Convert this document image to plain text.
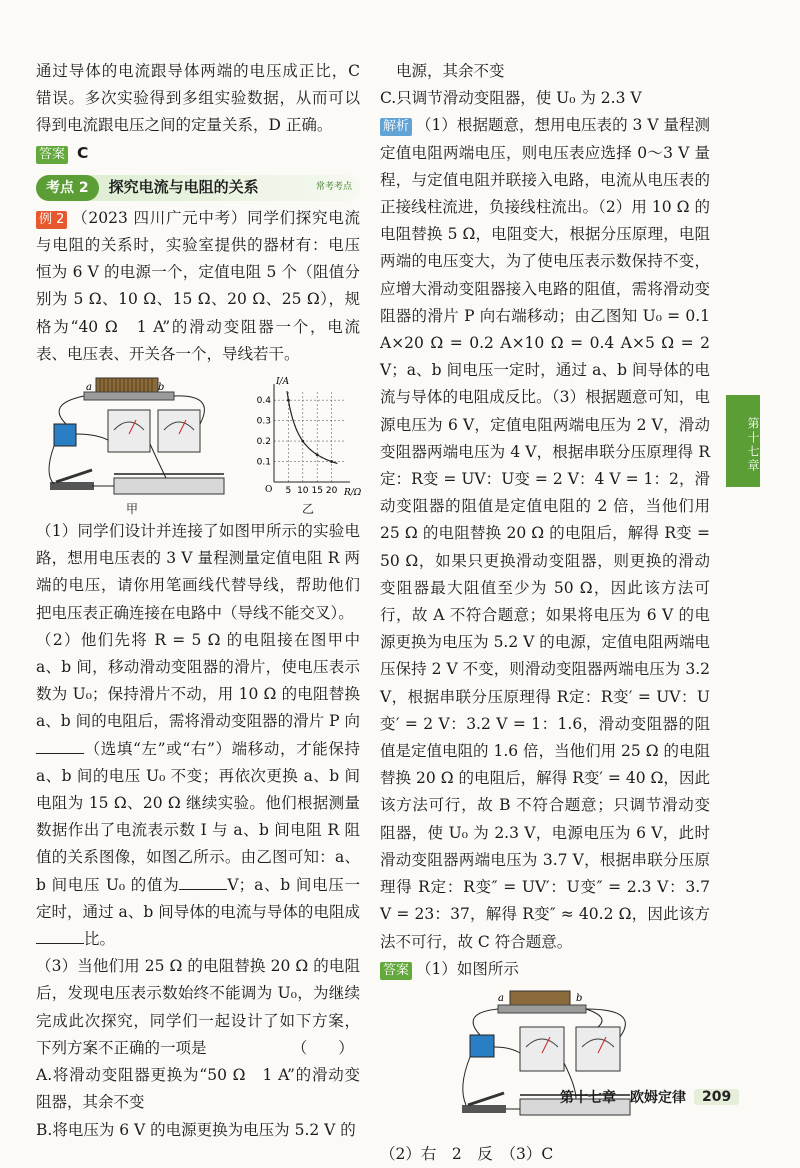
通过导体的电流跟导体两端的电压成正比，C 错误。多次实验得到多组实验数据，从而可以得到电流跟电压之间的定量关系，D 正确。

答案 C

考点 2	探究电流与电阻的关系	常考考点

例 2 （2023 四川广元中考）同学们探究电流与电阻的关系时，实验室提供的器材有：电压恒为 6 V 的电源一个，定值电阻 5 个（阻值分别为 5 Ω、10 Ω、15 Ω、20 Ω、25 Ω），规格为“40 Ω　1 A”的滑动变阻器一个，电流表、电压表、开关各一个，导线若干。

a	b
R/Ω
I/A
O
0.1
0.2
0.3
0.4
5 10 15 20
甲	乙

（1）同学们设计并连接了如图甲所示的实验电路，想用电压表的 3 V 量程测量定值电阻 R 两端的电压，请你用笔画线代替导线，帮助他们把电压表正确连接在电路中（导线不能交叉）。

（2）他们先将 R = 5 Ω 的电阻接在图甲中 a、b 间，移动滑动变阻器的滑片，使电压表示数为 U₀；保持滑片不动，用 10 Ω 的电阻替换 a、b 间的电阻后，需将滑动变阻器的滑片 P 向（选填“左”或“右”）端移动，才能保持 a、b 间的电压 U₀ 不变；再依次更换 a、b 间电阻为 15 Ω、20 Ω 继续实验。他们根据测量数据作出了电流表示数 I 与 a、b 间电阻 R 阻值的关系图像，如图乙所示。由乙图可知：a、b 间电压 U₀ 的值为	V；a、b 间电压一定时，通过 a、b 间导体的电流与导体的电阻成比。

（3）当他们用 25 Ω 的电阻替换 20 Ω 的电阻后，发现电压表示数始终不能调为 U₀，为继续完成此次探究，同学们一起设计了如下方案，下列方案不正确的一项是　　　　　　（　　）

A.将滑动变阻器更换为“50 Ω　1 A”的滑动变阻器，其余不变

B.将电压为 6 V 的电源更换为电压为 5.2 V 的

电源，其余不变

C.只调节滑动变阻器，使 U₀ 为 2.3 V

解析 （1）根据题意，想用电压表的 3 V 量程测定值电阻两端电压，则电压表应选择 0～3 V 量程，与定值电阻并联接入电路，电流从电压表的正接线柱流进，负接线柱流出。（2）用 10 Ω 的电阻替换 5 Ω，电阻变大，根据分压原理，电阻两端的电压变大，为了使电压表示数保持不变，应增大滑动变阻器接入电路的阻值，需将滑动变阻器的滑片 P 向右端移动；由乙图知 U₀ = 0.1 A×20 Ω = 0.2 A×10 Ω = 0.4 A×5 Ω = 2 V；a、b 间电压一定时，通过 a、b 间导体的电流与导体的电阻成反比。（3）根据题意可知，电源电压为 6 V，定值电阻两端电压为 2 V，滑动变阻器两端电压为 4 V，根据串联分压原理得 R定：R变 = UV：U变 = 2 V：4 V = 1：2，滑动变阻器的阻值是定值电阻的 2 倍，当他们用 25 Ω 的电阻替换 20 Ω 的电阻后，解得 R变 = 50 Ω，如果只更换滑动变阻器，则更换的滑动变阻器最大阻值至少为 50 Ω，因此该方法可行，故 A 不符合题意；如果将电压为 6 V 的电源更换为电压为 5.2 V 的电源，定值电阻两端电压保持 2 V 不变，则滑动变阻器两端电压为 3.2 V，根据串联分压原理得 R定：R变′ = UV：U变′ = 2 V：3.2 V = 1：1.6，滑动变阻器的阻值是定值电阻的 1.6 倍，当他们用 25 Ω 的电阻替换 20 Ω 的电阻后，解得 R变′ = 40 Ω，因此该方法可行，故 B 不符合题意；只调节滑动变阻器，使 U₀ 为 2.3 V，电源电压为 6 V，此时滑动变阻器两端电压为 3.7 V，根据串联分压原理得 R定：R变″ = UV′：U变″ = 2.3 V：3.7 V = 23：37，解得 R变″ ≈ 40.2 Ω，因此该方法不可行，故 C 符合题意。

答案 （1）如图所示

a	b

（2）右　2　反　（3）C

第十七章
第十七章　欧姆定律	209
